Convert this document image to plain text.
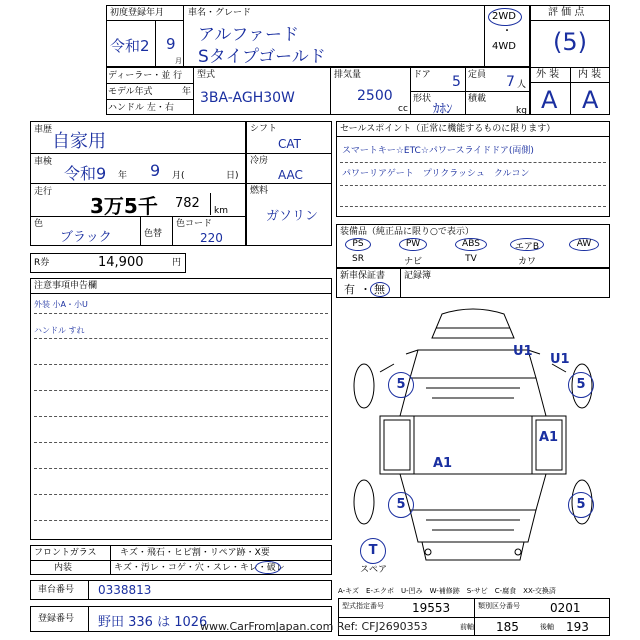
初度登録年月
令和2 9
月
車名・グレード
アルファード
Sタイプゴールド
2WD
・
4WD
評 価 点
(5)
外 装 内 装
A A
ディーラー・並 行
モデル年式	年
ハンドル 左・右
型式
3BA-AGH30W
排気量
2500
cc
ドア 5 定員 7 人
形状
ｶﾎﾝ
積載
kg
車歴
自家用
車検
令和9 年 9 月(	日)
走行
3万5千 782 km
色
ブラック	色替
色コード
220
シフト
CAT
冷房
AAC
燃料
ガソリン
セールスポイント（正常に機能するものに限ります）
スマートキー☆ETC☆パワースライドドア(両側)
パワーリアゲート　プリクラッシュ　クルコン
装備品（純正品に限り○で表示）
PS	PW	ABS	エアB	AW
SR	ナビ	TV	カワ
新車保証書 記録簿
有 ・ 無
R券	14,900	円
注意事項申告欄
外装 小A・小U
ハンドル すれ
U1
U1
5	5
A1
A1
5	5
T
スペア
A-キズ　E-エクボ　U-凹み　W-補修跡　S-サビ　C-腐食　XX-交換済
フロントガラス	キズ・飛石・ヒビ割・リペア跡・X要
内装	キズ・汚レ・コゲ・穴・スレ・キレ・破レ
車台番号 0338813
登録番号 野田 336 は 1026
型式指定番号 19553	類別区分番号	0201
前軸 185	後軸 193
www.CarFromJapan.com Ref: CFJ2690353
